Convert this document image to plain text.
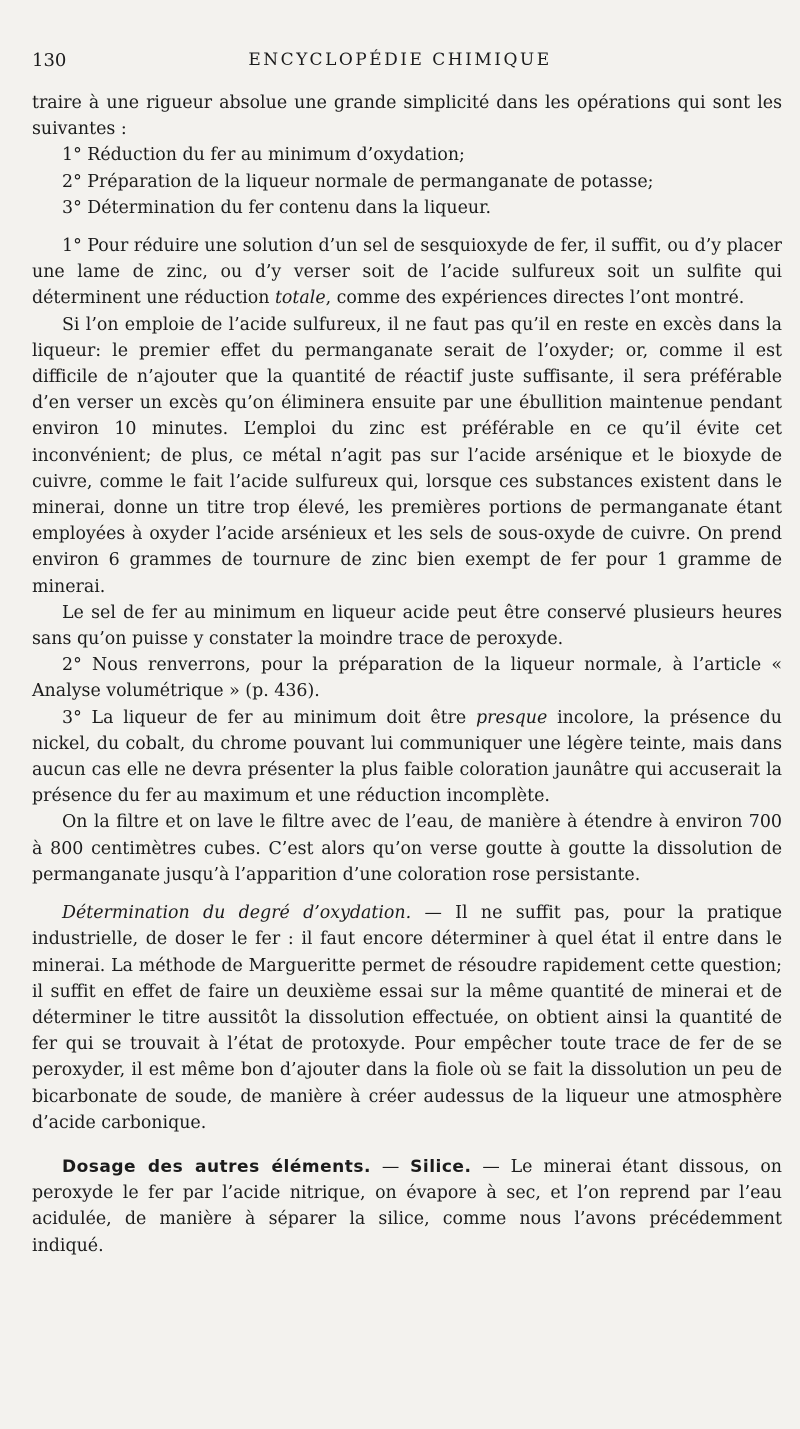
130	ENCYCLOPÉDIE CHIMIQUE

traire à une rigueur absolue une grande simplicité dans les opérations qui sont les suivantes :

1° Réduction du fer au minimum d’oxydation;

2° Préparation de la liqueur normale de permanganate de potasse;

3° Détermination du fer contenu dans la liqueur.

1° Pour réduire une solution d’un sel de sesquioxyde de fer, il suffit, ou d’y placer une lame de zinc, ou d’y verser soit de l’acide sulfureux soit un sulfite qui déterminent une réduction totale, comme des expériences directes l’ont montré.

Si l’on emploie de l’acide sulfureux, il ne faut pas qu’il en reste en excès dans la liqueur: le premier effet du permanganate serait de l’oxyder; or, comme il est difficile de n’ajouter que la quantité de réactif juste suffisante, il sera préférable d’en verser un excès qu’on éliminera ensuite par une ébullition maintenue pendant environ 10 minutes. L’emploi du zinc est préférable en ce qu’il évite cet inconvénient; de plus, ce métal n’agit pas sur l’acide arsénique et le bioxyde de cuivre, comme le fait l’acide sulfureux qui, lorsque ces substances existent dans le minerai, donne un titre trop élevé, les premières portions de permanganate étant employées à oxyder l’acide arsénieux et les sels de sous-oxyde de cuivre. On prend environ 6 grammes de tournure de zinc bien exempt de fer pour 1 gramme de minerai.

Le sel de fer au minimum en liqueur acide peut être conservé plusieurs heures sans qu’on puisse y constater la moindre trace de peroxyde.

2° Nous renverrons, pour la préparation de la liqueur normale, à l’article « Analyse volumétrique » (p. 436).

3° La liqueur de fer au minimum doit être presque incolore, la présence du nickel, du cobalt, du chrome pouvant lui communiquer une légère teinte, mais dans aucun cas elle ne devra présenter la plus faible coloration jaunâtre qui accuserait la présence du fer au maximum et une réduction incomplète.

On la filtre et on lave le filtre avec de l’eau, de manière à étendre à environ 700 à 800 centimètres cubes. C’est alors qu’on verse goutte à goutte la dissolution de permanganate jusqu’à l’apparition d’une coloration rose persistante.

Détermination du degré d’oxydation. — Il ne suffit pas, pour la pratique industrielle, de doser le fer : il faut encore déterminer à quel état il entre dans le minerai. La méthode de Margueritte permet de résoudre rapidement cette question; il suffit en effet de faire un deuxième essai sur la même quantité de minerai et de déterminer le titre aussitôt la dissolution effectuée, on obtient ainsi la quantité de fer qui se trouvait à l’état de protoxyde. Pour empêcher toute trace de fer de se peroxyder, il est même bon d’ajouter dans la fiole où se fait la dissolution un peu de bicarbonate de soude, de manière à créer audessus de la liqueur une atmosphère d’acide carbonique.

Dosage des autres éléments. — Silice. — Le minerai étant dissous, on peroxyde le fer par l’acide nitrique, on évapore à sec, et l’on reprend par l’eau acidulée, de manière à séparer la silice, comme nous l’avons précédemment indiqué.
